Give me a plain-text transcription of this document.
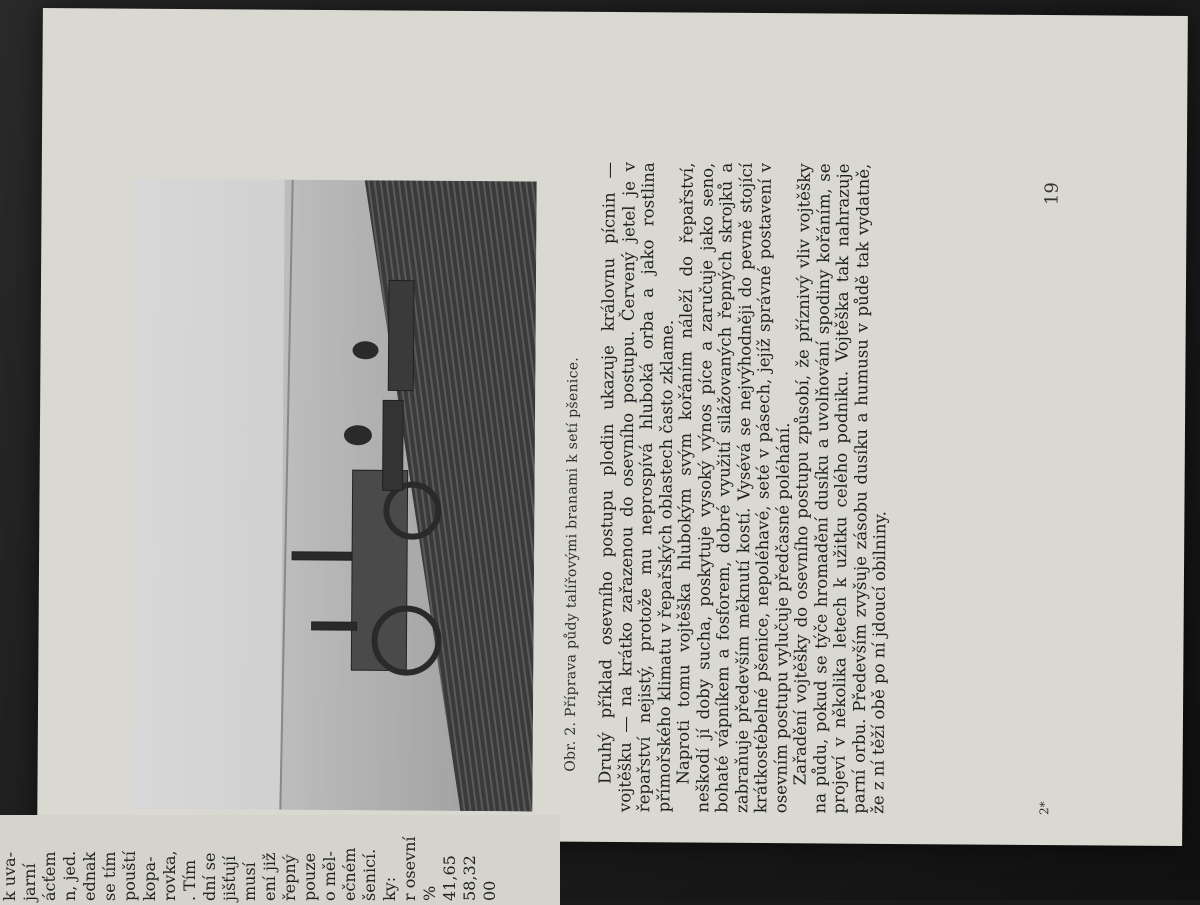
Obr. 2. Příprava půdy talířovými branami k setí pšenice. Druhý příklad osevního postupu plodin ukazuje královnu pícnin — vojtěšku — na krátko zařazenou do osevního postupu. Červený jetel je v řepařství nejistý, protože mu neprospívá hluboká orba a jako rostlina přímořského klimatu v řepařských oblastech často zklame.

Naproti tomu vojtěška hlubokým svým kořáním náleží do řepařství, neškodí jí doby sucha, poskytuje vysoký výnos píce a zaručuje jako seno, bohaté vápníkem a fosforem, dobré využití silážovaných řepných skrojků a zabraňuje především měknutí kostí. Vysévá se nejvýhodněji do pevně stojící krátkostébelné pšenice, nepoléhavé, seté v pásech, jejíž správné postavení v osevním postupu vylučuje předčasné poléhání.

Zařadění vojtěšky do osevního postupu způsobí, že příznivý vliv vojtěšky na půdu, pokud se týče hromadění dusíku a uvolňování spodiny kořáním, se projeví v několika letech k užitku celého podniku. Vojtěška tak nahrazuje parní orbu. Především zvyšuje zásobu dusíku a humusu v půdě tak vydatně, že z ní těží obě po ní jdoucí obilniny.	2*
19
k uva- jarní ácťem n, jed. ednak se tím pouští kopa- rovka, . Tím dní se jišťují musí ení již řepný pouze o měl- ečném šenicí. ky: r osevní % 41,65 58,32 00
